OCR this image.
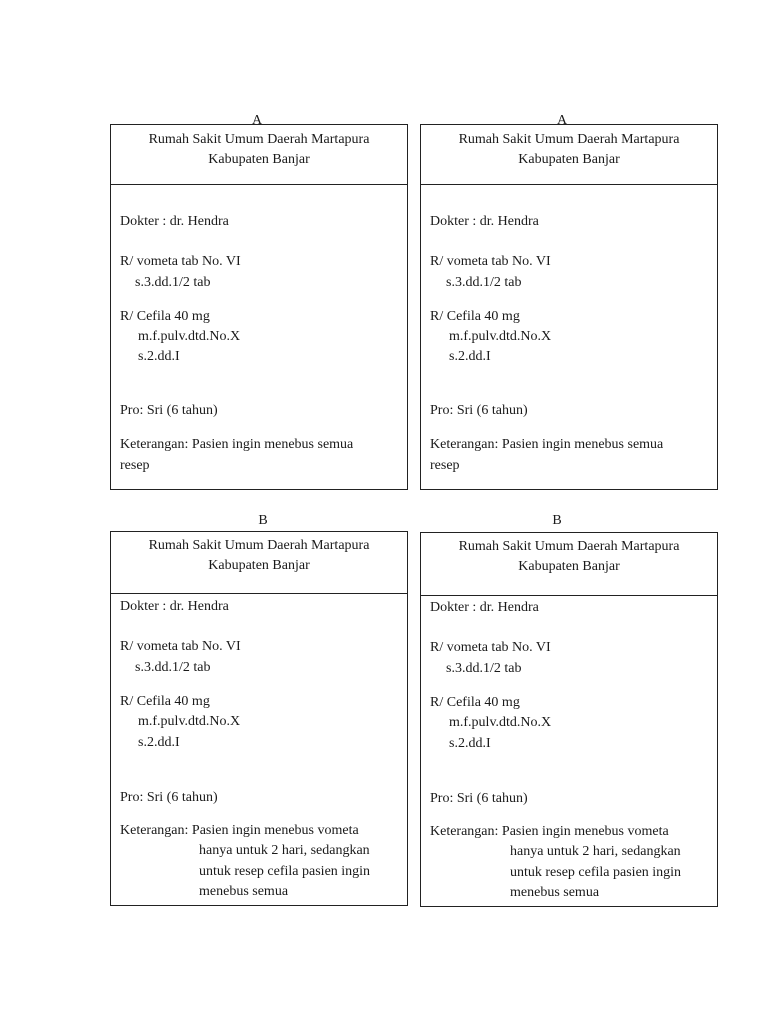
A
Rumah Sakit Umum Daerah Martapura
Kabupaten Banjar
Dokter : dr. Hendra
R/ vometa tab No. VI
s.3.dd.1/2 tab
R/ Cefila 40 mg
m.f.pulv.dtd.No.X
s.2.dd.I
Pro: Sri (6 tahun)
Keterangan: Pasien ingin menebus semua
resep
A
Rumah Sakit Umum Daerah Martapura
Kabupaten Banjar
Dokter : dr. Hendra
R/ vometa tab No. VI
s.3.dd.1/2 tab
R/ Cefila 40 mg
m.f.pulv.dtd.No.X
s.2.dd.I
Pro: Sri (6 tahun)
Keterangan: Pasien ingin menebus semua
resep
B
Rumah Sakit Umum Daerah Martapura
Kabupaten Banjar
Dokter : dr. Hendra
R/ vometa tab No. VI
s.3.dd.1/2 tab
R/ Cefila 40 mg
m.f.pulv.dtd.No.X
s.2.dd.I
Pro: Sri (6 tahun)
Keterangan: Pasien ingin menebus vometa
hanya untuk 2 hari, sedangkan
untuk resep cefila pasien ingin
menebus semua
B
Rumah Sakit Umum Daerah Martapura
Kabupaten Banjar
Dokter : dr. Hendra
R/ vometa tab No. VI
s.3.dd.1/2 tab
R/ Cefila 40 mg
m.f.pulv.dtd.No.X
s.2.dd.I
Pro: Sri (6 tahun)
Keterangan: Pasien ingin menebus vometa
hanya untuk 2 hari, sedangkan
untuk resep cefila pasien ingin
menebus semua
